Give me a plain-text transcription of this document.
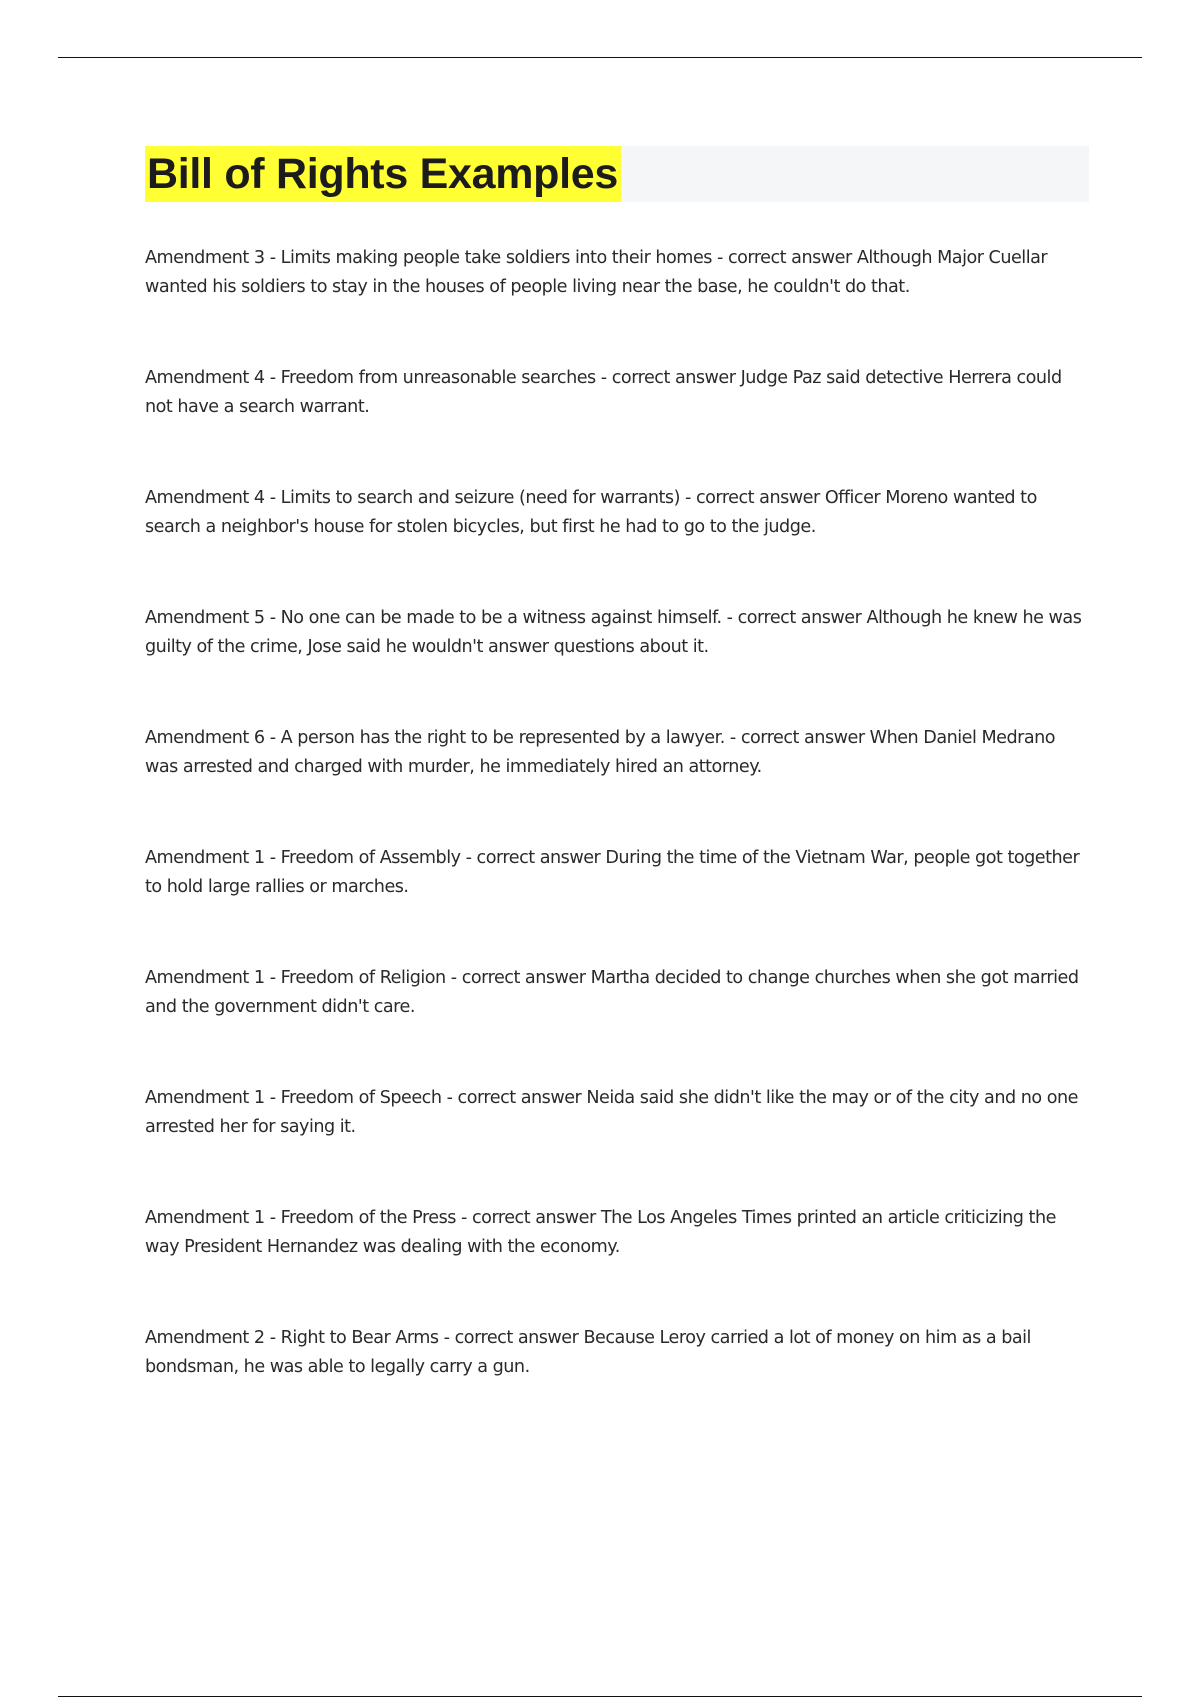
Bill of Rights Examples

Amendment 3 - Limits making people take soldiers into their homes - correct answer Although Major Cuellar wanted his soldiers to stay in the houses of people living near the base, he couldn't do that.

Amendment 4 - Freedom from unreasonable searches - correct answer Judge Paz said detective Herrera could not have a search warrant.

Amendment 4 - Limits to search and seizure (need for warrants) - correct answer Officer Moreno wanted to search a neighbor's house for stolen bicycles, but first he had to go to the judge.

Amendment 5 - No one can be made to be a witness against himself. - correct answer Although he knew he was guilty of the crime, Jose said he wouldn't answer questions about it.

Amendment 6 - A person has the right to be represented by a lawyer. - correct answer When Daniel Medrano was arrested and charged with murder, he immediately hired an attorney.

Amendment 1 - Freedom of Assembly - correct answer During the time of the Vietnam War, people got together to hold large rallies or marches.

Amendment 1 - Freedom of Religion - correct answer Martha decided to change churches when she got married and the government didn't care.

Amendment 1 - Freedom of Speech - correct answer Neida said she didn't like the may or of the city and no one arrested her for saying it.

Amendment 1 - Freedom of the Press - correct answer The Los Angeles Times printed an article criticizing the way President Hernandez was dealing with the economy.

Amendment 2 - Right to Bear Arms - correct answer Because Leroy carried a lot of money on him as a bail bondsman, he was able to legally carry a gun.
